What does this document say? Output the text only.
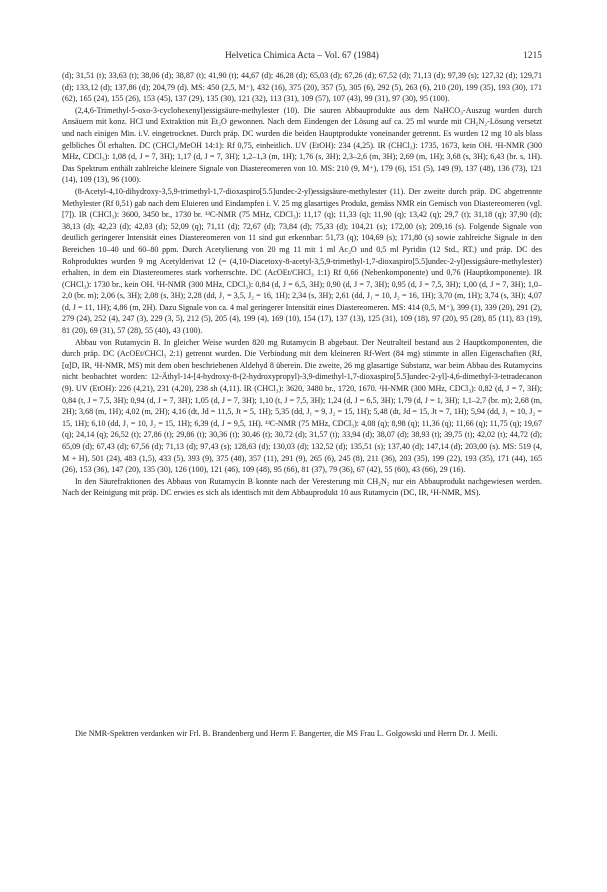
Helvetica Chimica Acta – Vol. 67 (1984)	1215

(d); 31,51 (t); 33,63 (t); 38,06 (d); 38,87 (t); 41,90 (t); 44,67 (d); 46,28 (d); 65,03 (d); 67,26 (d); 67,52 (d); 71,13 (d); 97,39 (s); 127,32 (d); 129,71 (d); 133,12 (d); 137,86 (d); 204,79 (d). MS: 450 (2,5, M⁺), 432 (16), 375 (20), 357 (5), 305 (6), 292 (5), 263 (6), 210 (20), 199 (35), 193 (30), 171 (62), 165 (24), 155 (26), 153 (45), 137 (29), 135 (30), 121 (32), 113 (31), 109 (57), 107 (43), 99 (31), 97 (30), 95 (100).

(2,4,6-Trimethyl-5-oxo-3-cyclohexenyl)essigsäure-methylester (10). Die sauren Abbauprodukte aus dem NaHCO₃-Auszug wurden durch Ansäuern mit konz. HCl und Extraktion mit Et₂O gewonnen. Nach dem Eindengen der Lösung auf ca. 25 ml wurde mit CH₂N₂-Lösung versetzt und nach einigen Min. i.V. eingetrocknet. Durch präp. DC wurden die beiden Hauptprodukte voneinander getrennt. Es wurden 12 mg 10 als blass gelbliches Öl erhalten. DC (CHCl₃/MeOH 14:1): Rf 0,75, einheitlich. UV (EtOH): 234 (4,25). IR (CHCl₃): 1735, 1673, kein OH. ¹H-NMR (300 MHz, CDCl₃): 1,08 (d, J = 7, 3H); 1,17 (d, J = 7, 3H); 1,2–1,3 (m, 1H); 1,76 (s, 3H); 2,3–2,6 (m, 3H); 2,69 (m, 1H); 3,68 (s, 3H); 6,43 (br. s, 1H). Das Spektrum enthält zahlreiche kleinere Signale von Diastereomeren von 10. MS: 210 (9, M⁺), 179 (6), 151 (5), 149 (9), 137 (48), 136 (73), 121 (14), 109 (13), 96 (100).

(8-Acetyl-4,10-dihydroxy-3,5,9-trimethyl-1,7-dioxaspiro[5.5]undec-2-yl)essigsäure-methylester (11). Der zweite durch präp. DC abgetrennte Methylester (Rf 0,51) gab nach dem Eluieren und Eindampfen i. V. 25 mg glasartiges Produkt, gemäss NMR ein Gemisch von Diastereomeren (vgl. [7]). IR (CHCl₃): 3600, 3450 br., 1730 br. ¹³C-NMR (75 MHz, CDCl₃): 11,17 (q); 11,33 (q); 11,90 (q); 13,42 (q); 29,7 (t); 31,18 (q); 37,90 (d); 38,13 (d); 42,23 (d); 42,83 (d); 52,09 (q); 71,11 (d); 72,67 (d); 73,84 (d); 75,33 (d); 104,21 (s); 172,00 (s); 209,16 (s). Folgende Signale von deutlich geringerer Intensität eines Diastereomeren von 11 sind gut erkennbar: 51,73 (q); 104,69 (s); 171,80 (s) sowie zahlreiche Signale in den Bereichen 10–40 und 60–80 ppm. Durch Acetylierung von 20 mg 11 mit 1 ml Ac₂O und 0,5 ml Pyridin (12 Std., RT.) und präp. DC des Rohproduktes wurden 9 mg Acetylderivat 12 (= (4,10-Diacetoxy-8-acetyl-3,5,9-trimethyl-1,7-dioxaspiro[5.5]undec-2-yl)essigsäure-methylester) erhalten, in dem ein Diastereomeres stark vorherrschte. DC (AcOEt/CHCl₃ 1:1) Rf 0,66 (Nebenkomponente) und 0,76 (Hauptkomponente). IR (CHCl₃): 1730 br., kein OH. ¹H-NMR (300 MHz, CDCl₃): 0,84 (d, J = 6,5, 3H); 0,90 (d, J = 7, 3H); 0,95 (d, J = 7,5, 3H); 1,00 (d, J = 7, 3H); 1,0–2,0 (br. m); 2,06 (s, 3H); 2,08 (s, 3H); 2,28 (dd, J₁ = 3,5, J₂ = 16, 1H); 2,34 (s, 3H); 2,61 (dd, J₁ = 10, J₂ = 16, 1H); 3,70 (m, 1H); 3,74 (s, 3H); 4,07 (d, J = 11, 1H); 4,86 (m, 2H). Dazu Signale von ca. 4 mal geringerer Intensität eines Diastereomeren. MS: 414 (0,5, M⁺), 399 (1), 339 (20), 291 (2), 279 (24), 252 (4), 247 (3), 229 (3, 5), 212 (5), 205 (4), 199 (4), 169 (10), 154 (17), 137 (13), 125 (31), 109 (18), 97 (20), 95 (28), 85 (11), 83 (19), 81 (20), 69 (31), 57 (28), 55 (40), 43 (100).

Abbau von Rutamycin B. In gleicher Weise wurden 820 mg Rutamycin B abgebaut. Der Neutralteil bestand aus 2 Hauptkomponenten, die durch präp. DC (AcOEt/CHCl₃ 2:1) getrennt wurden. Die Verbindung mit dem kleineren Rf-Wert (84 mg) stimmte in allen Eigenschaften (Rf, [α]D, IR, ¹H-NMR, MS) mit dem oben beschriebenen Aldehyd 8 überein. Die zweite, 26 mg glasartige Substanz, war beim Abbau des Rutamycins nicht beobachtet worden: 12-Äthyl-14-[4-hydroxy-8-(2-hydroxypropyl)-3,9-dimethyl-1,7-dioxaspiro[5.5]undec-2-yl]-4,6-dimethyl-3-tetradecanon (9). UV (EtOH): 226 (4,21), 231 (4,20), 238 sh (4,11). IR (CHCl₃): 3620, 3480 br., 1720, 1670. ¹H-NMR (300 MHz, CDCl₃): 0,82 (d, J = 7, 3H); 0,84 (t, J = 7,5, 3H); 0,94 (d, J = 7, 3H); 1,05 (d, J = 7, 3H); 1,10 (t, J = 7,5, 3H); 1,24 (d, J = 6,5, 3H); 1,79 (d, J = 1, 3H); 1,1–2,7 (br. m); 2,68 (m, 2H); 3,68 (m, 1H); 4,02 (m, 2H); 4,16 (dt, Jd = 11,5, Jt = 5, 1H); 5,35 (dd, J₁ = 9, J₂ = 15, 1H); 5,48 (dt, Jd = 15, Jt = 7, 1H); 5,94 (dd, J₁ = 10, J₂ = 15, 1H); 6,10 (dd, J₁ = 10, J₂ = 15, 1H); 6,39 (d, J = 9,5, 1H). ¹³C-NMR (75 MHz, CDCl₃): 4,08 (q); 8,98 (q); 11,36 (q); 11,66 (q); 11,75 (q); 19,67 (q); 24,14 (q); 26,52 (t); 27,86 (t); 29,86 (t); 30,36 (t); 30,46 (t); 30,72 (d); 31,57 (t); 33,94 (d); 38,07 (d); 38,93 (t); 39,75 (t); 42,02 (t); 44,72 (d); 65,09 (d); 67,43 (d); 67,56 (d); 71,13 (d); 97,43 (s); 128,63 (d); 130,03 (d); 132,52 (d); 135,51 (s); 137,40 (d); 147,14 (d); 203,00 (s). MS: 519 (4, M + H), 501 (24), 483 (1,5), 433 (5), 393 (9), 375 (48), 357 (11), 291 (9), 265 (6), 245 (8), 211 (36), 203 (35), 199 (22), 193 (35), 171 (44), 165 (26), 153 (36), 147 (20), 135 (30), 126 (100), 121 (46), 109 (48), 95 (66), 81 (37), 79 (36), 67 (42), 55 (60), 43 (66), 29 (16).

In den Säurefraktionen des Abbaus von Rutamycin B konnte nach der Veresterung mit CH₂N₂ nur ein Abbauprodukt nachgewiesen werden. Nach der Reinigung mit präp. DC erwies es sich als identisch mit dem Abbauprodukt 10 aus Rutamycin (DC, IR, ¹H-NMR, MS).

Die NMR-Spektren verdanken wir Frl. B. Brandenberg und Herrn F. Bangerter, die MS Frau L. Golgowski und Herrn Dr. J. Meili.
